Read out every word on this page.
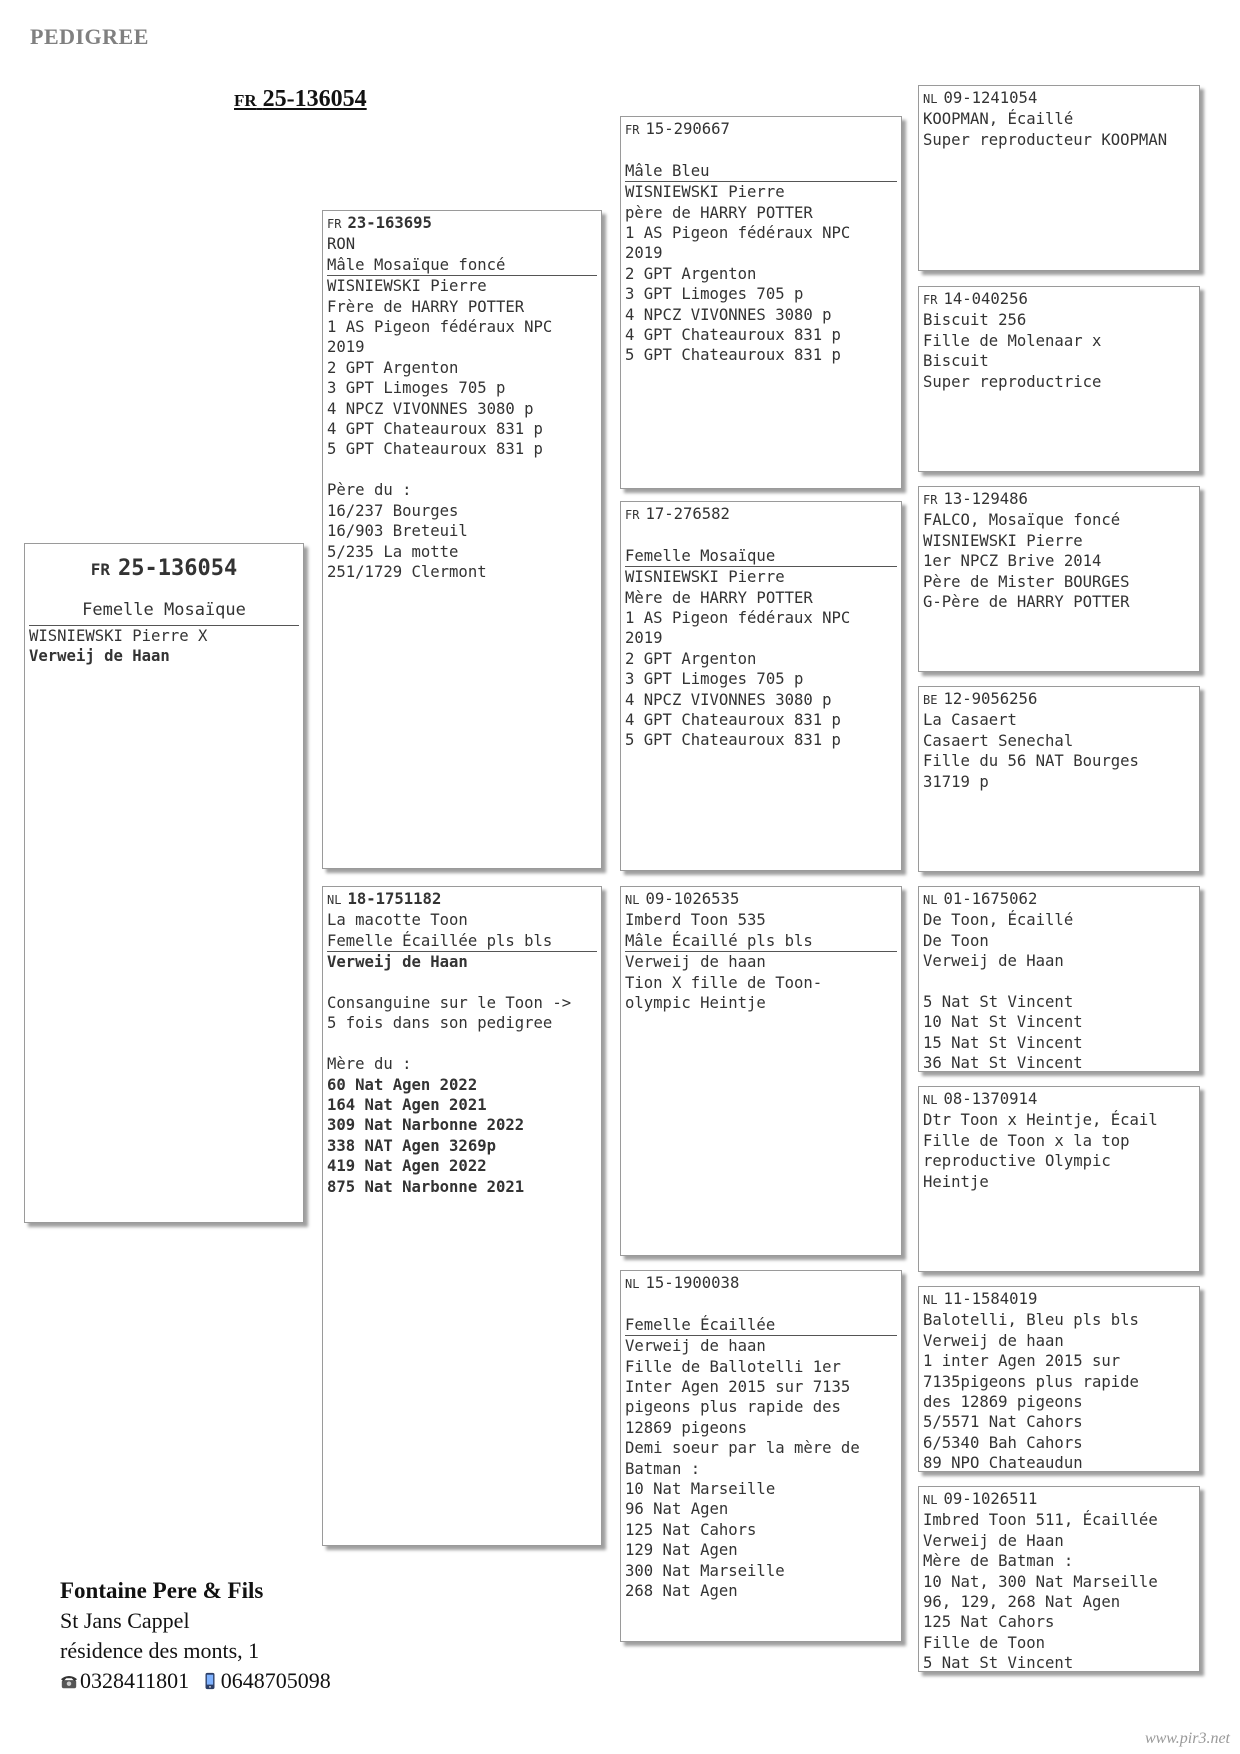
PEDIGREE
FR 25-136054
FR 25-136054
Femelle Mosaïque
WISNIEWSKI Pierre X
Verweij de Haan
FR 23-163695
RON
Mâle Mosaïque foncé
WISNIEWSKI Pierre
Frère de HARRY POTTER
1 AS Pigeon fédéraux NPC
2019
2 GPT Argenton
3 GPT Limoges 705 p
4 NPCZ VIVONNES 3080 p
4 GPT Chateauroux 831 p
5 GPT Chateauroux 831 p

Père du :
16/237 Bourges
16/903 Breteuil
5/235 La motte
251/1729 Clermont
NL 18-1751182
La macotte Toon
Femelle Écaillée pls bls
Verweij de Haan

Consanguine sur le Toon ->
5 fois dans son pedigree

Mère du :
60 Nat Agen 2022
164 Nat Agen 2021
309 Nat Narbonne 2022
338 NAT Agen 3269p
419 Nat Agen 2022
875 Nat Narbonne 2021
FR 15-290667

Mâle Bleu
WISNIEWSKI Pierre
père de HARRY POTTER
1 AS Pigeon fédéraux NPC
2019
2 GPT Argenton
3 GPT Limoges 705 p
4 NPCZ VIVONNES 3080 p
4 GPT Chateauroux 831 p
5 GPT Chateauroux 831 p
FR 17-276582

Femelle Mosaïque
WISNIEWSKI Pierre
Mère de HARRY POTTER
1 AS Pigeon fédéraux NPC
2019
2 GPT Argenton
3 GPT Limoges 705 p
4 NPCZ VIVONNES 3080 p
4 GPT Chateauroux 831 p
5 GPT Chateauroux 831 p
NL 09-1026535
Imberd Toon 535
Mâle Écaillé pls bls
Verweij de haan
Tion X fille de Toon-
olympic Heintje
NL 15-1900038

Femelle Écaillée
Verweij de haan
Fille de Ballotelli 1er
Inter Agen 2015 sur 7135
pigeons plus rapide des
12869 pigeons
Demi soeur par la mère de
Batman :
10 Nat Marseille
96 Nat Agen
125 Nat Cahors
129 Nat Agen
300 Nat Marseille
268 Nat Agen
NL 09-1241054
KOOPMAN, Écaillé
Super reproducteur KOOPMAN
FR 14-040256
Biscuit 256
Fille de Molenaar x
Biscuit
Super reproductrice
FR 13-129486
FALCO, Mosaïque foncé
WISNIEWSKI Pierre
1er NPCZ Brive 2014
Père de Mister BOURGES
G-Père de HARRY POTTER
BE 12-9056256
La Casaert
Casaert Senechal
Fille du 56 NAT Bourges
31719 p
NL 01-1675062
De Toon, Écaillé
De Toon
Verweij de Haan

5 Nat St Vincent
10 Nat St Vincent
15 Nat St Vincent
36 Nat St Vincent
NL 08-1370914
Dtr Toon x Heintje, Écail
Fille de Toon x la top
reproductive Olympic
Heintje
NL 11-1584019
Balotelli, Bleu pls bls
Verweij de haan
1 inter Agen 2015 sur
7135pigeons plus rapide
des 12869 pigeons
5/5571 Nat Cahors
6/5340 Bah Cahors
89 NPO Chateaudun
NL 09-1026511
Imbred Toon 511, Écaillée
Verweij de Haan
Mère de Batman :
10 Nat, 300 Nat Marseille
96, 129, 268 Nat Agen
125 Nat Cahors
Fille de Toon
5 Nat St Vincent
Fontaine Pere & Fils
St Jans Cappel
résidence des monts, 1
0328411801 0648705098
www.pir3.net
